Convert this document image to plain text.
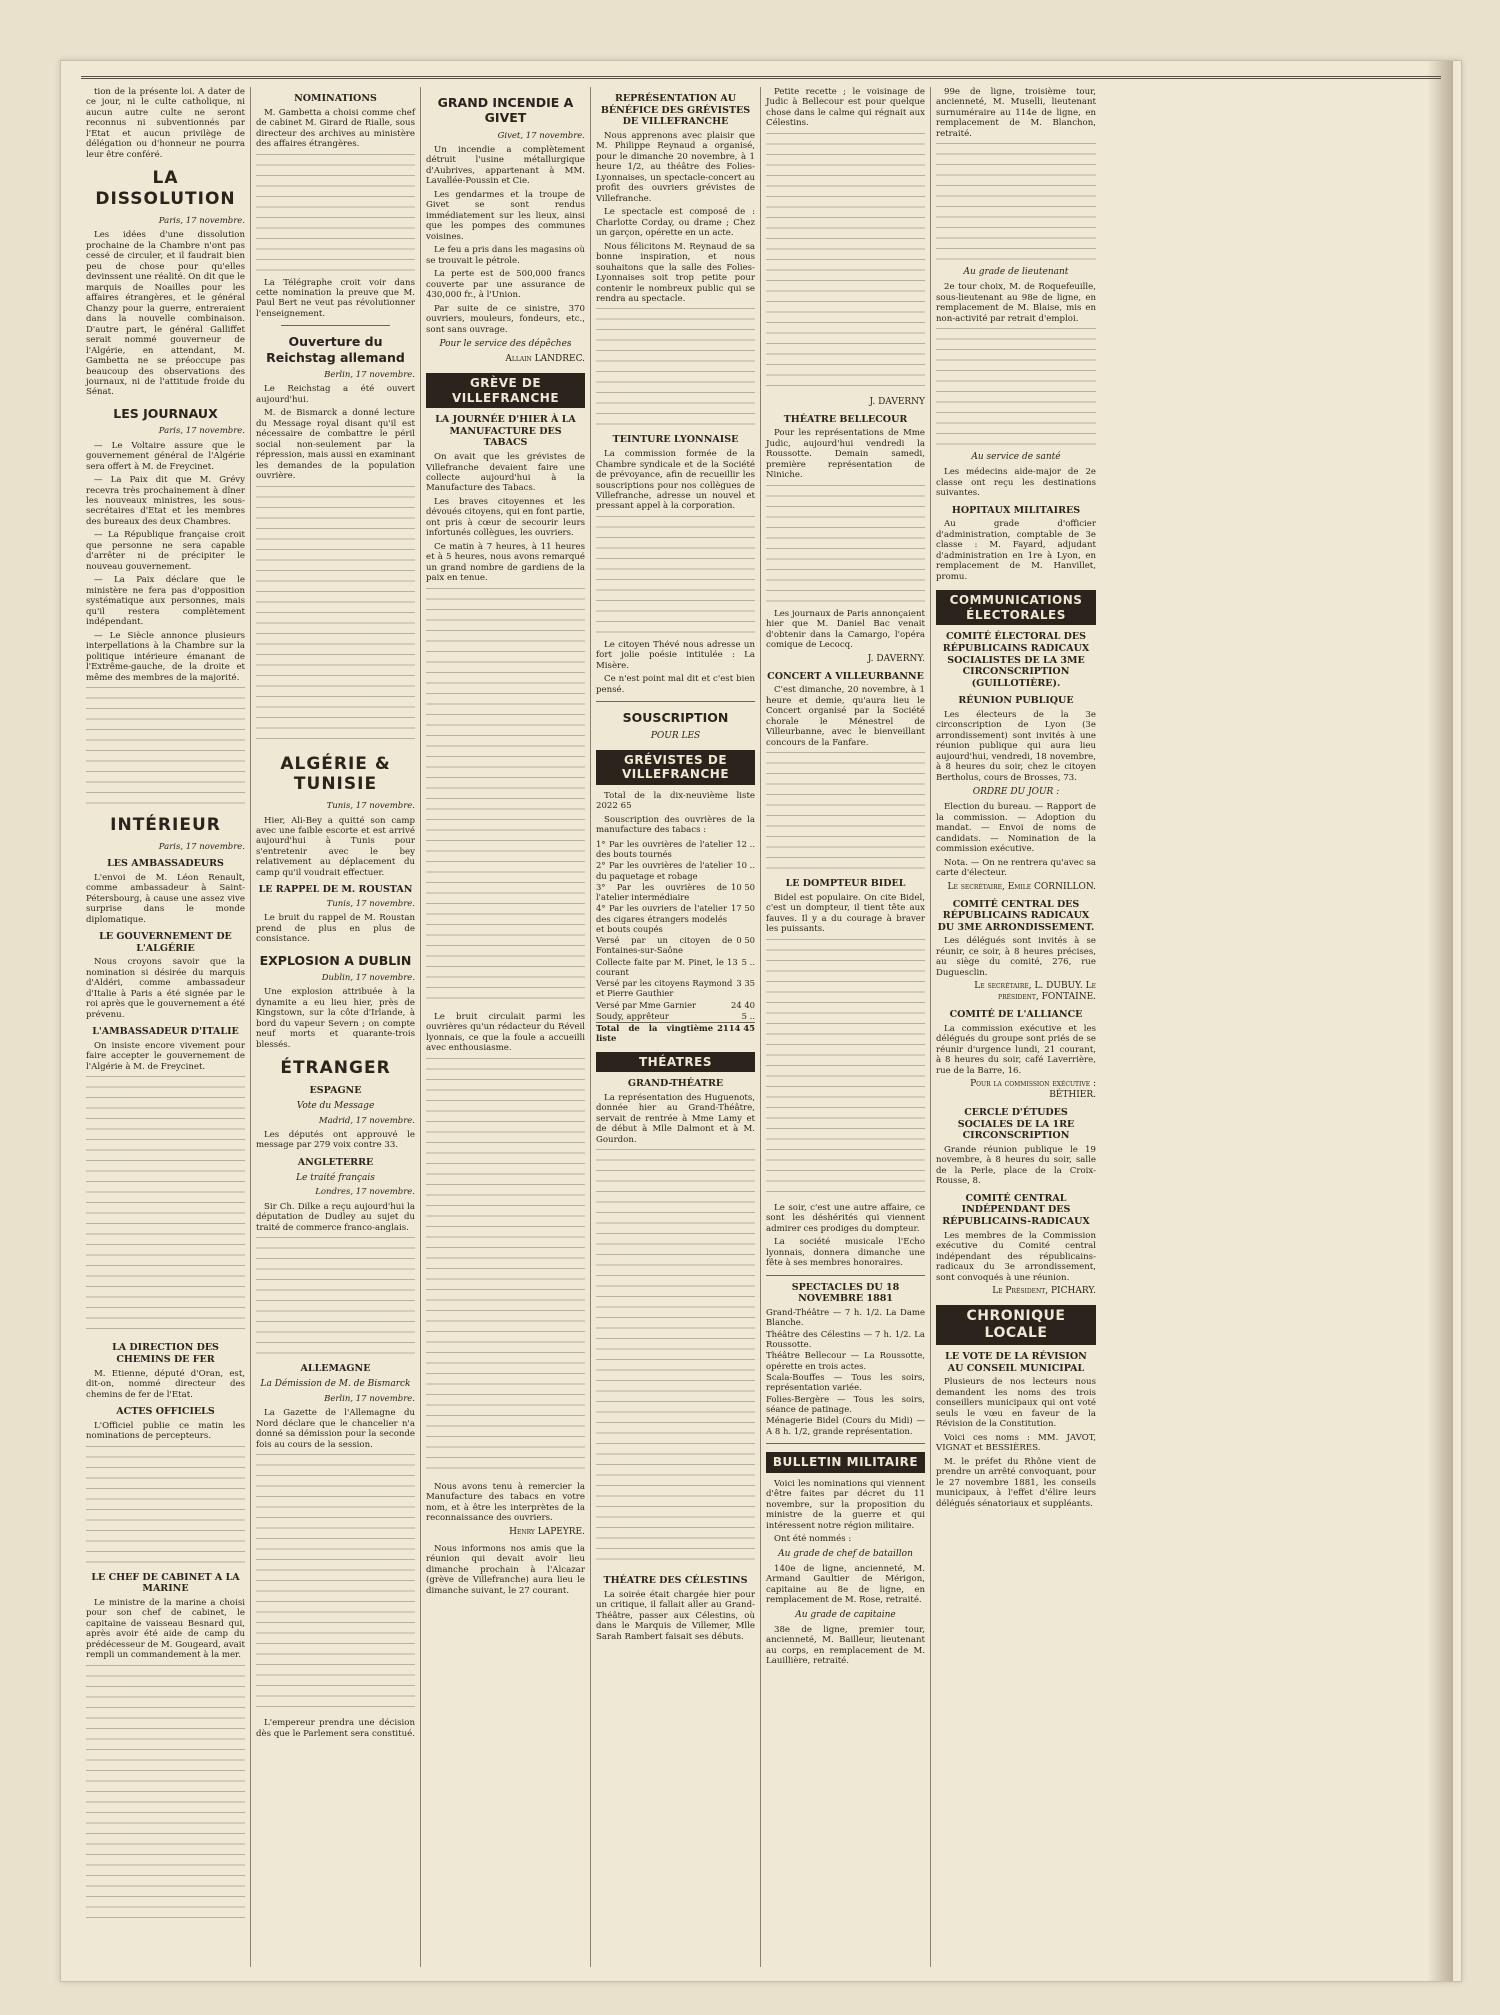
tion de la présente loi. A dater de ce jour, ni le culte catholique, ni aucun autre culte ne seront reconnus ni subventionnés par l'Etat et aucun privilège de délégation ou d'honneur ne pourra leur être conféré.

LA DISSOLUTION
Paris, 17 novembre.

Les idées d'une dissolution prochaine de la Chambre n'ont pas cessé de circuler, et il faudrait bien peu de chose pour qu'elles devinssent une réalité. On dit que le marquis de Noailles pour les affaires étrangères, et le général Chanzy pour la guerre, entreraient dans la nouvelle combinaison. D'autre part, le général Galliffet serait nommé gouverneur de l'Algérie, en attendant, M. Gambetta ne se préoccupe pas beaucoup des observations des journaux, ni de l'attitude froide du Sénat.

LES JOURNAUX
Paris, 17 novembre.

— Le Voltaire assure que le gouvernement général de l'Algérie sera offert à M. de Freycinet.

— La Paix dit que M. Grévy recevra très prochainement à dîner les nouveaux ministres, les sous-secrétaires d'Etat et les membres des bureaux des deux Chambres.

— La République française croit que personne ne sera capable d'arrêter ni de précipiter le nouveau gouvernement.

— La Paix déclare que le ministère ne fera pas d'opposition systématique aux personnes, mais qu'il restera complètement indépendant.

— Le Siècle annonce plusieurs interpellations à la Chambre sur la politique intérieure émanant de l'Extrême-gauche, de la droite et même des membres de la majorité.

INTÉRIEUR
Paris, 17 novembre.
LES AMBASSADEURS

L'envoi de M. Léon Renault, comme ambassadeur à Saint-Pétersbourg, à cause une assez vive surprise dans le monde diplomatique.

LE GOUVERNEMENT DE L'ALGÉRIE

Nous croyons savoir que la nomination si désirée du marquis d'Aldéri, comme ambassadeur d'Italie à Paris a été signée par le roi après que le gouvernement a été prévenu.

L'AMBASSADEUR D'ITALIE

On insiste encore vivement pour faire accepter le gouvernement de l'Algérie à M. de Freycinet.

LA DIRECTION DES CHEMINS DE FER

M. Etienne, député d'Oran, est, dit-on, nommé directeur des chemins de fer de l'Etat.

ACTES OFFICIELS

L'Officiel publie ce matin les nominations de percepteurs.

LE CHEF DE CABINET A LA MARINE

Le ministre de la marine a choisi pour son chef de cabinet, le capitaine de vaisseau Besnard qui, après avoir été aide de camp du prédécesseur de M. Gougeard, avait rempli un commandement à la mer.

NOMINATIONS

M. Gambetta a choisi comme chef de cabinet M. Girard de Rialle, sous directeur des archives au ministère des affaires étrangères.

La Télégraphe croit voir dans cette nomination la preuve que M. Paul Bert ne veut pas révolutionner l'enseignement.

Ouverture du Reichstag allemand
Berlin, 17 novembre.

Le Reichstag a été ouvert aujourd'hui.

M. de Bismarck a donné lecture du Message royal disant qu'il est nécessaire de combattre le péril social non-seulement par la répression, mais aussi en examinant les demandes de la population ouvrière.

ALGÉRIE & TUNISIE
Tunis, 17 novembre.

Hier, Ali-Bey a quitté son camp avec une faible escorte et est arrivé aujourd'hui à Tunis pour s'entretenir avec le bey relativement au déplacement du camp qu'il voudrait effectuer.

LE RAPPEL DE M. ROUSTAN
Tunis, 17 novembre.

Le bruit du rappel de M. Roustan prend de plus en plus de consistance.

EXPLOSION A DUBLIN
Dublin, 17 novembre.

Une explosion attribuée à la dynamite a eu lieu hier, près de Kingstown, sur la côte d'Irlande, à bord du vapeur Severn ; on compte neuf morts et quarante-trois blessés.

ÉTRANGER
ESPAGNE
Vote du Message
Madrid, 17 novembre.

Les députés ont approuvé le message par 279 voix contre 33.

ANGLETERRE
Le traité français
Londres, 17 novembre.

Sir Ch. Dilke a reçu aujourd'hui la députation de Dudley au sujet du traité de commerce franco-anglais.

ALLEMAGNE
La Démission de M. de Bismarck
Berlin, 17 novembre.

La Gazette de l'Allemagne du Nord déclare que le chancelier n'a donné sa démission pour la seconde fois au cours de la session.

L'empereur prendra une décision dès que le Parlement sera constitué.

GRAND INCENDIE A GIVET
Givet, 17 novembre.

Un incendie a complètement détruit l'usine métallurgique d'Aubrives, appartenant à MM. Lavallée-Poussin et Cie.

Les gendarmes et la troupe de Givet se sont rendus immédiatement sur les lieux, ainsi que les pompes des communes voisines.

Le feu a pris dans les magasins où se trouvait le pétrole.

La perte est de 500,000 francs couverte par une assurance de 430,000 fr., à l'Union.

Par suite de ce sinistre, 370 ouvriers, mouleurs, fondeurs, etc., sont sans ouvrage.

Pour le service des dépêches
Allain LANDREC.
GRÈVE DE VILLEFRANCHE
LA JOURNÉE D'HIER À LA MANUFACTURE DES TABACS

On avait que les grévistes de Villefranche devaient faire une collecte aujourd'hui à la Manufacture des Tabacs.

Les braves citoyennes et les dévoués citoyens, qui en font partie, ont pris à cœur de secourir leurs infortunés collègues, les ouvriers.

Ce matin à 7 heures, à 11 heures et à 5 heures, nous avons remarqué un grand nombre de gardiens de la paix en tenue.

Le bruit circulait parmi les ouvrières qu'un rédacteur du Réveil lyonnais, ce que la foule a accueilli avec enthousiasme.

Nous avons tenu à remercier la Manufacture des tabacs en votre nom, et à être les interprètes de la reconnaissance des ouvriers.

Henry LAPEYRE.

Nous informons nos amis que la réunion qui devait avoir lieu dimanche prochain à l'Alcazar (grève de Villefranche) aura lieu le dimanche suivant, le 27 courant.

REPRÉSENTATION AU BÉNÉFICE DES GRÉVISTES DE VILLEFRANCHE

Nous apprenons avec plaisir que M. Philippe Reynaud a organisé, pour le dimanche 20 novembre, à 1 heure 1/2, au théâtre des Folies-Lyonnaises, un spectacle-concert au profit des ouvriers grévistes de Villefranche.

Le spectacle est composé de : Charlotte Corday, ou drame ; Chez un garçon, opérette en un acte.

Nous félicitons M. Reynaud de sa bonne inspiration, et nous souhaitons que la salle des Folies-Lyonnaises soit trop petite pour contenir le nombreux public qui se rendra au spectacle.

TEINTURE LYONNAISE

La commission formée de la Chambre syndicale et de la Société de prévoyance, afin de recueillir les souscriptions pour nos collègues de Villefranche, adresse un nouvel et pressant appel à la corporation.

Le citoyen Thévé nous adresse un fort jolie poésie intitulée : La Misère.

Ce n'est point mal dit et c'est bien pensé.

SOUSCRIPTION
POUR LES
GRÉVISTES DE VILLEFRANCHE

Total de la dix-neuvième liste 2022 65

Souscription des ouvrières de la manufacture des tabacs :

1° Par les ouvrières de l'atelier des bouts tournés
12 ..
2° Par les ouvrières de l'atelier du paquetage et robage
10 ..
3° Par les ouvrières de l'atelier intermédiaire
10 50
4° Par les ouvriers de l'atelier des cigares étrangers modelés et bouts coupés
17 50
Versé par un citoyen de Fontaines-sur-Saône
0 50
Collecte faite par M. Pinet, le 13 courant
5 ..
Versé par les citoyens Raymond et Pierre Gauthier
3 35
Versé par Mme Garnier	24 40
Soudy, apprêteur	5 ..
Total de la vingtième liste
2114 45
THÉATRES
GRAND-THÉATRE

La représentation des Huguenots, donnée hier au Grand-Théâtre, servait de rentrée à Mme Lamy et de début à Mlle Dalmont et à M. Gourdon.

THÉATRE DES CÉLESTINS

La soirée était chargée hier pour un critique, il fallait aller au Grand-Théâtre, passer aux Célestins, où dans le Marquis de Villemer, Mlle Sarah Rambert faisait ses débuts.

Petite recette ; le voisinage de Judic à Bellecour est pour quelque chose dans le calme qui régnait aux Célestins.

J. DAVERNY
THÉATRE BELLECOUR

Pour les représentations de Mme Judic, aujourd'hui vendredi la Roussotte. Demain samedi, première représentation de Niniche.

Les journaux de Paris annonçaient hier que M. Daniel Bac venait d'obtenir dans la Camargo, l'opéra comique de Lecocq.

J. DAVERNY.
CONCERT A VILLEURBANNE

C'est dimanche, 20 novembre, à 1 heure et demie, qu'aura lieu le Concert organisé par la Société chorale le Ménestrel de Villeurbanne, avec le bienveillant concours de la Fanfare.

LE DOMPTEUR BIDEL

Bidel est populaire. On cite Bidel, c'est un dompteur, il tient tête aux fauves. Il y a du courage à braver les puissants.

Le soir, c'est une autre affaire, ce sont les déshérités qui viennent admirer ces prodiges du dompteur.

La société musicale l'Echo lyonnais, donnera dimanche une fête à ses membres honoraires.

SPECTACLES DU 18 NOVEMBRE 1881
Grand-Théâtre — 7 h. 1/2. La Dame Blanche.
Théâtre des Célestins — 7 h. 1/2. La Roussotte.
Théâtre Bellecour — La Roussotte, opérette en trois actes.
Scala-Bouffes — Tous les soirs, représentation variée.
Folies-Bergère — Tous les soirs, séance de patinage.
Ménagerie Bidel (Cours du Midi) — A 8 h. 1/2, grande représentation.
BULLETIN MILITAIRE

Voici les nominations qui viennent d'être faites par décret du 11 novembre, sur la proposition du ministre de la guerre et qui intéressent notre région militaire.

Ont été nommés :

Au grade de chef de bataillon

140e de ligne, ancienneté, M. Armand Gaultier de Mérigon, capitaine au 8e de ligne, en remplacement de M. Rose, retraité.

Au grade de capitaine

38e de ligne, premier tour, ancienneté, M. Bailleur, lieutenant au corps, en remplacement de M. Lauillière, retraité.

99e de ligne, troisième tour, ancienneté, M. Muselli, lieutenant surnuméraire au 114e de ligne, en remplacement de M. Blanchon, retraité.

Au grade de lieutenant

2e tour choix, M. de Roquefeuille, sous-lieutenant au 98e de ligne, en remplacement de M. Blaise, mis en non-activité par retrait d'emploi.

Au service de santé

Les médecins aide-major de 2e classe ont reçu les destinations suivantes.

HOPITAUX MILITAIRES

Au grade d'officier d'administration, comptable de 3e classe : M. Fayard, adjudant d'administration en 1re à Lyon, en remplacement de M. Hanvillet, promu.

COMMUNICATIONS ÉLECTORALES
COMITÉ ÉLECTORAL DES RÉPUBLICAINS RADICAUX SOCIALISTES DE LA 3ME CIRCONSCRIPTION (GUILLOTIÈRE).
RÉUNION PUBLIQUE

Les électeurs de la 3e circonscription de Lyon (3e arrondissement) sont invités à une réunion publique qui aura lieu aujourd'hui, vendredi, 18 novembre, à 8 heures du soir, chez le citoyen Bertholus, cours de Brosses, 73.

ORDRE DU JOUR :

Election du bureau. — Rapport de la commission. — Adoption du mandat. — Envoi de noms de candidats. — Nomination de la commission exécutive.

Nota. — On ne rentrera qu'avec sa carte d'électeur.

Le secrétaire, Emile CORNILLON.
COMITÉ CENTRAL DES RÉPUBLICAINS RADICAUX DU 3ME ARRONDISSEMENT.

Les délégués sont invités à se réunir, ce soir, à 8 heures précises, au siège du comité, 276, rue Duguesclin.

Le secrétaire, L. DUBUY. Le président, FONTAINE.
COMITÉ DE L'ALLIANCE

La commission exécutive et les délégués du groupe sont priés de se réunir d'urgence lundi, 21 courant, à 8 heures du soir, café Laverrière, rue de la Barre, 16.

Pour la commission exécutive : BÉTHIER.
CERCLE D'ÉTUDES SOCIALES DE LA 1RE CIRCONSCRIPTION

Grande réunion publique le 19 novembre, à 8 heures du soir, salle de la Perle, place de la Croix-Rousse, 8.

COMITÉ CENTRAL INDÉPENDANT DES RÉPUBLICAINS-RADICAUX

Les membres de la Commission exécutive du Comité central indépendant des républicains-radicaux du 3e arrondissement, sont convoqués à une réunion.

Le Président, PICHARY.
CHRONIQUE LOCALE
LE VOTE DE LA RÉVISION AU CONSEIL MUNICIPAL

Plusieurs de nos lecteurs nous demandent les noms des trois conseillers municipaux qui ont voté seuls le vœu en faveur de la Révision de la Constitution.

Voici ces noms : MM. JAVOT, VIGNAT et BESSIÈRES.

M. le préfet du Rhône vient de prendre un arrêté convoquant, pour le 27 novembre 1881, les conseils municipaux, à l'effet d'élire leurs délégués sénatoriaux et suppléants.
